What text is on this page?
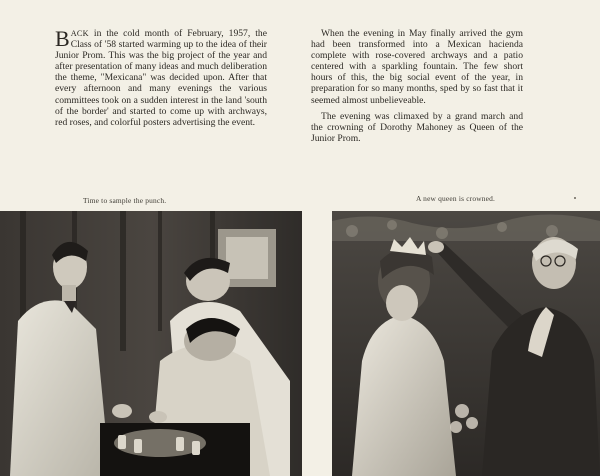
BACK in the cold month of February, 1957, the Class of '58 started warming up to the idea of their Junior Prom. This was the big project of the year and after presentation of many ideas and much deliberation the theme, "Mexicana" was decided upon. After that every afternoon and many evenings the various committees took on a sudden interest in the land 'south of the border' and started to come up with archways, red roses, and colorful posters advertising the event.

When the evening in May finally arrived the gym had been transformed into a Mexican hacienda complete with rose-covered archways and a patio centered with a sparkling fountain. The few short hours of this, the big social event of the year, in preparation for so many months, sped by so fast that it seemed almost unbelieveable.

The evening was climaxed by a grand march and the crowning of Dorothy Mahoney as Queen of the Junior Prom.

Time to sample the punch.	A new queen is crowned.
